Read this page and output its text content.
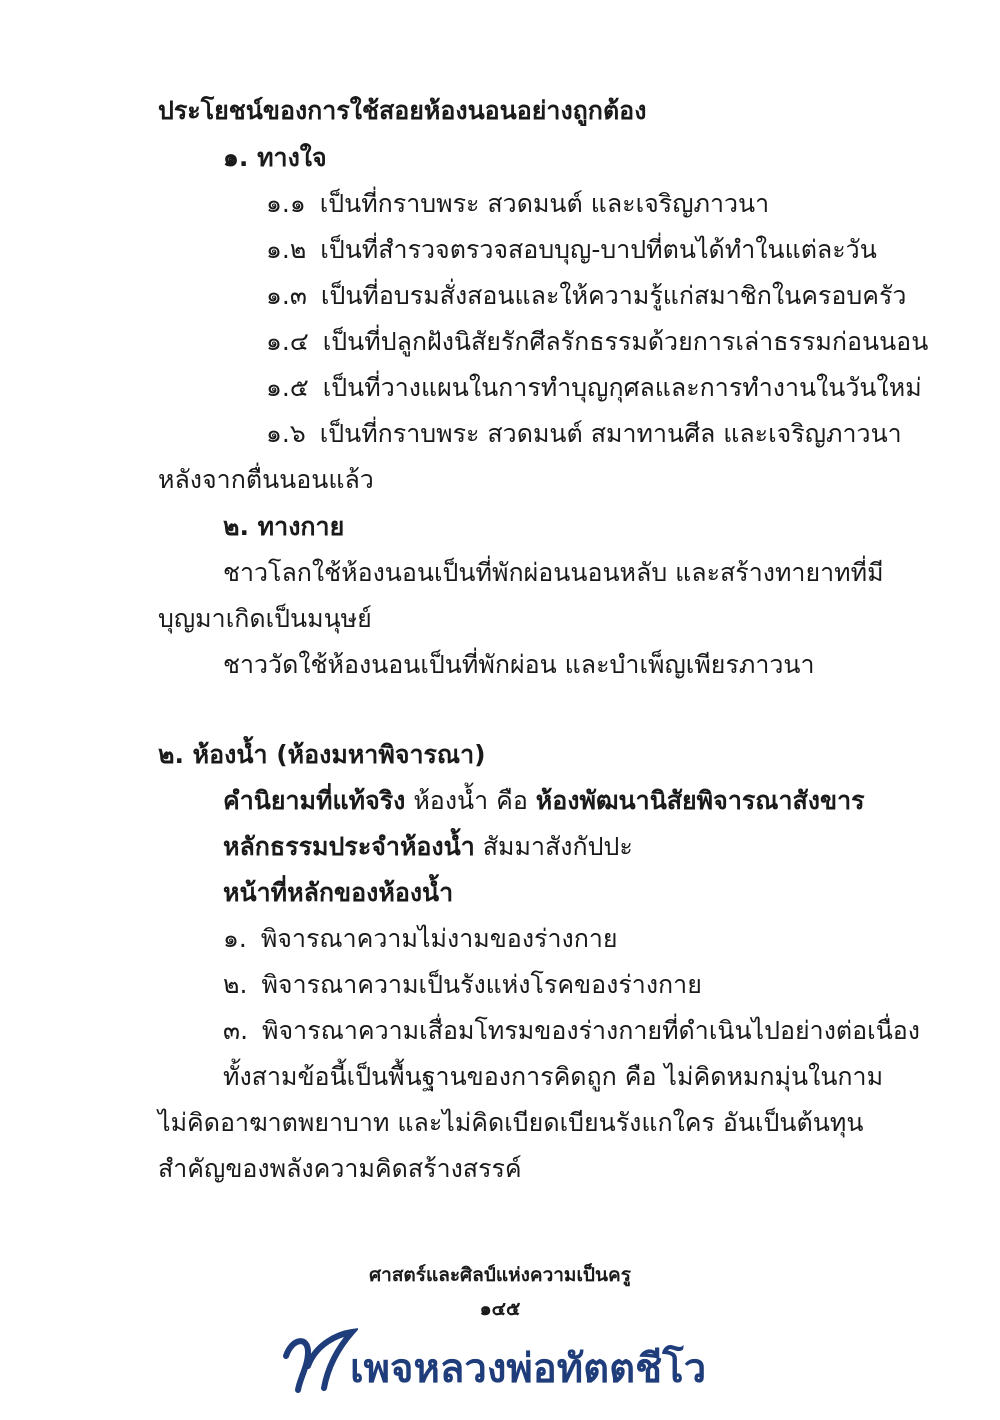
ประโยชน์ของการใช้สอยห้องนอนอย่างถูกต้อง
๑. ทางใจ
๑.๑ เป็นที่กราบพระ สวดมนต์ และเจริญภาวนา
๑.๒ เป็นที่สำรวจตรวจสอบบุญ-บาปที่ตนได้ทำในแต่ละวัน
๑.๓ เป็นที่อบรมสั่งสอนและให้ความรู้แก่สมาชิกในครอบครัว
๑.๔ เป็นที่ปลูกฝังนิสัยรักศีลรักธรรมด้วยการเล่าธรรมก่อนนอน
๑.๕ เป็นที่วางแผนในการทำบุญกุศลและการทำงานในวันใหม่
๑.๖ เป็นที่กราบพระ สวดมนต์ สมาทานศีล และเจริญภาวนา
หลังจากตื่นนอนแล้ว
๒. ทางกาย
ชาวโลกใช้ห้องนอนเป็นที่พักผ่อนนอนหลับ และสร้างทายาทที่มี
บุญมาเกิดเป็นมนุษย์
ชาววัดใช้ห้องนอนเป็นที่พักผ่อน และบำเพ็ญเพียรภาวนา
๒. ห้องน้ำ (ห้องมหาพิจารณา)
คำนิยามที่แท้จริง ห้องน้ำ คือ ห้องพัฒนานิสัยพิจารณาสังขาร
หลักธรรมประจำห้องน้ำ สัมมาสังกัปปะ
หน้าที่หลักของห้องน้ำ
๑. พิจารณาความไม่งามของร่างกาย
๒. พิจารณาความเป็นรังแห่งโรคของร่างกาย
๓. พิจารณาความเสื่อมโทรมของร่างกายที่ดำเนินไปอย่างต่อเนื่อง
ทั้งสามข้อนี้เป็นพื้นฐานของการคิดถูก คือ ไม่คิดหมกมุ่นในกาม
ไม่คิดอาฆาตพยาบาท และไม่คิดเบียดเบียนรังแกใคร อันเป็นต้นทุน
สำคัญของพลังความคิดสร้างสรรค์
ศาสตร์และศิลป์แห่งความเป็นครู
๑๔๕
เพจหลวงพ่อทัตตชีโว
